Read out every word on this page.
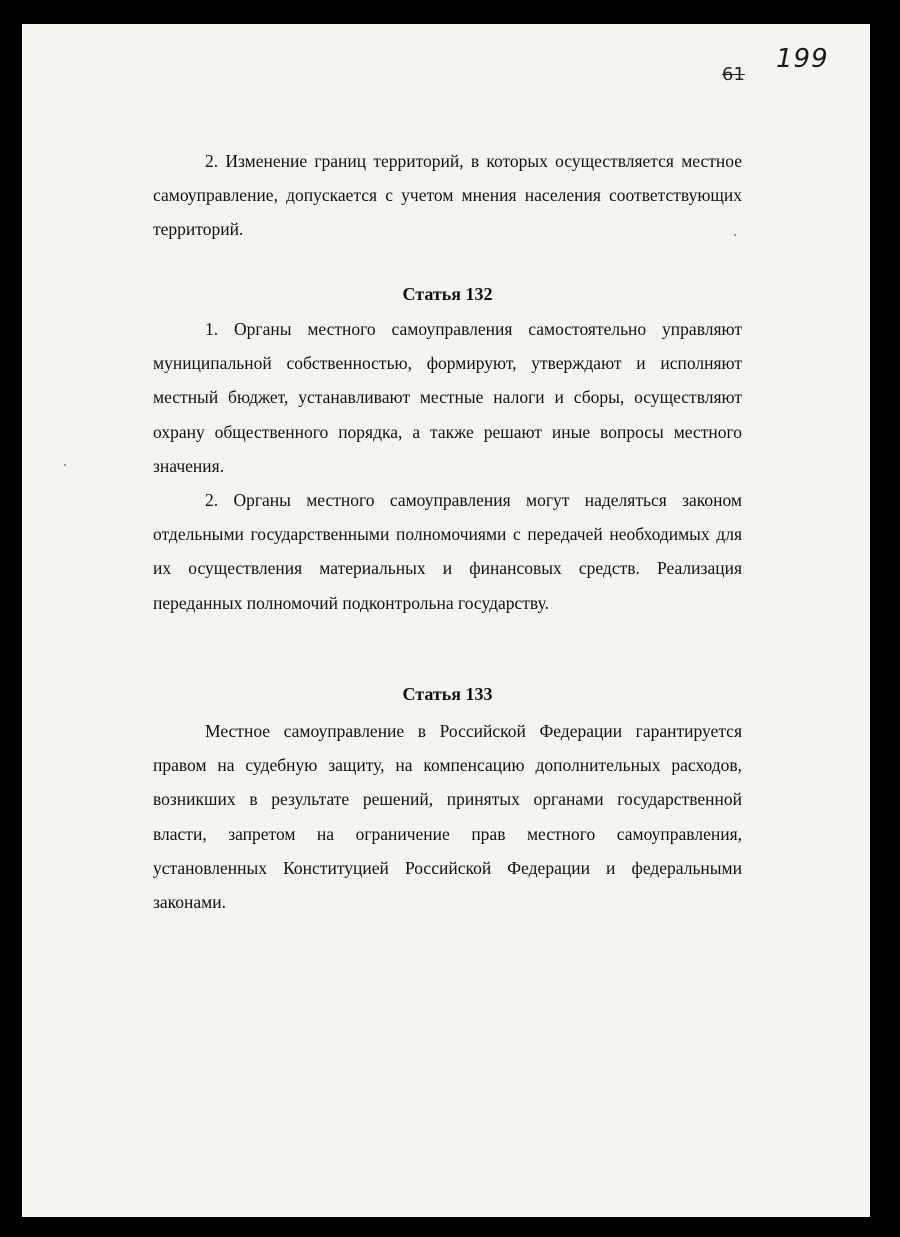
61
199

2. Изменение границ территорий, в которых осуществляется местное самоуправление, допускается с учетом мнения населения соответствующих территорий.

Статья 132

1. Органы местного самоуправления самостоятельно управляют муниципальной собственностью, формируют, утверждают и исполняют местный бюджет, устанавливают местные налоги и сборы, осуществляют охрану общественного порядка, а также решают иные вопросы местного значения.

2. Органы местного самоуправления могут наделяться законом отдельными государственными полномочиями с передачей необходимых для их осуществления материальных и финансовых средств. Реализация переданных полномочий подконтрольна государству.

Статья 133

Местное самоуправление в Российской Федерации гарантируется правом на судебную защиту, на компенсацию дополнительных расходов, возникших в результате решений, принятых органами государственной власти, запретом на ограничение прав местного самоуправления, установленных Конституцией Российской Федерации и федеральными законами.
